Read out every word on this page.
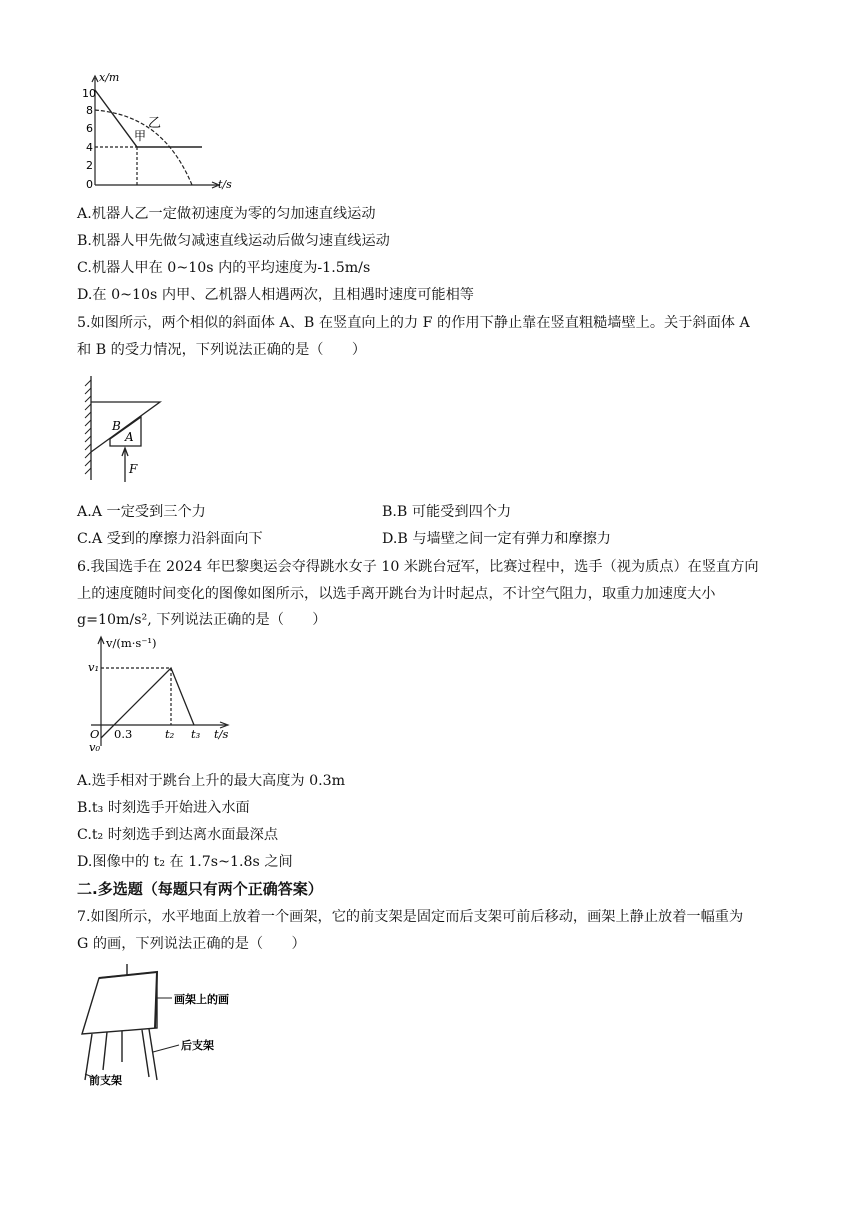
x/m
t/s
10
8
6
4
2
0
乙
甲
A.机器人乙一定做初速度为零的匀加速直线运动
B.机器人甲先做匀减速直线运动后做匀速直线运动
C.机器人甲在 0~10s 内的平均速度为-1.5m/s
D.在 0~10s 内甲、乙机器人相遇两次，且相遇时速度可能相等
5.如图所示，两个相似的斜面体 A、B 在竖直向上的力 F 的作用下静止靠在竖直粗糙墙壁上。关于斜面体 A
和 B 的受力情况，下列说法正确的是（　　）
B
A
F
A.A 一定受到三个力	B.B 可能受到四个力
C.A 受到的摩擦力沿斜面向下	D.B 与墙壁之间一定有弹力和摩擦力
6.我国选手在 2024 年巴黎奥运会夺得跳水女子 10 米跳台冠军，比赛过程中，选手（视为质点）在竖直方向
上的速度随时间变化的图像如图所示，以选手离开跳台为计时起点，不计空气阻力，取重力加速度大小
g=10m/s², 下列说法正确的是（　　）
v/(m·s⁻¹)
v₁
O
v₀
0.3	t₂ t₃ t/s
A.选手相对于跳台上升的最大高度为 0.3m
B.t₃ 时刻选手开始进入水面
C.t₂ 时刻选手到达离水面最深点
D.图像中的 t₂ 在 1.7s~1.8s 之间
二.多选题（每题只有两个正确答案）
7.如图所示，水平地面上放着一个画架，它的前支架是固定而后支架可前后移动，画架上静止放着一幅重为
G 的画，下列说法正确的是（　　）
画架上的画
后支架
前支架
